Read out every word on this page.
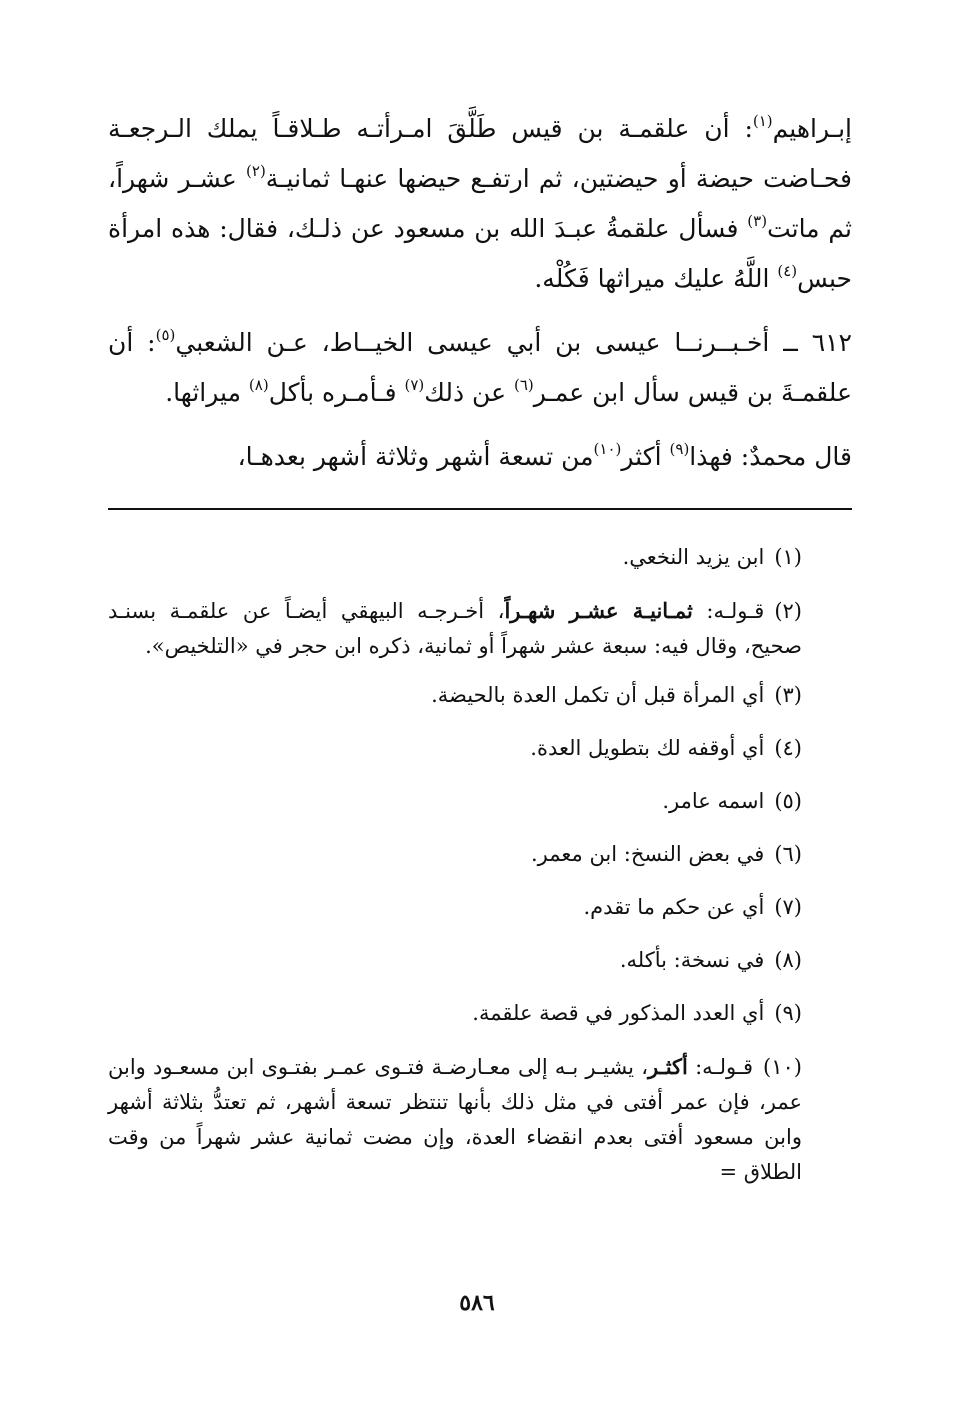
إبـراهيم$^{(١)}$: أن علقمـة بن قيس طَلَّقَ امـرأتـه طـلاقـاً يملك الـرجعـة فحـاضت حيضة أو حيضتين، ثم ارتفـع حيضها عنهـا ثمانيـة$^{(٢)}$ عشـر شهراً، ثم ماتت$^{(٣)}$ فسأل علقمةُ عبـدَ الله بن مسعود عن ذلـك، فقال: هذه امرأة حبس$^{(٤)}$ اللَّهُ عليك ميراثها فَكُلْه.

٦١٢ ــ أخـبــرنــا عيسى بن أبي عيسى الخيــاط، عـن الشعبي$^{(٥)}$: أن علقمـةَ بن قيس سأل ابن عمـر$^{(٦)}$ عن ذلك$^{(٧)}$ فـأمـره بأكل$^{(٨)}$ ميراثها.

قال محمدٌ: فهذا$^{(٩)}$ أكثر$^{(١٠)}$من تسعة أشهر وثلاثة أشهر بعدهـا،

(١)ابن يزيد النخعي.
(٢)قـولـه: ثمـانيـة عشـر شهـراً، أخـرجـه البيهقي أيضـاً عن علقمـة بسنـد صحيح، وقال فيه: سبعة عشر شهراً أو ثمانية، ذكره ابن حجر في «التلخيص».
(٣)أي المرأة قبل أن تكمل العدة بالحيضة.
(٤)أي أوقفه لك بتطويل العدة.
(٥)اسمه عامر.
(٦)في بعض النسخ: ابن معمر.
(٧)أي عن حكم ما تقدم.
(٨)في نسخة: بأكله.
(٩)أي العدد المذكور في قصة علقمة.
(١٠)قـولـه: أكثـر، يشيـر بـه إلى معـارضـة فتـوى عمـر بفتـوى ابن مسعـود وابن عمر، فإن عمر أفتى في مثل ذلك بأنها تنتظر تسعة أشهر، ثم تعتدُّ بثلاثة أشهر وابن مسعود أفتى بعدم انقضاء العدة، وإن مضت ثمانية عشر شهراً من وقت الطلاق =
٥٨٦
